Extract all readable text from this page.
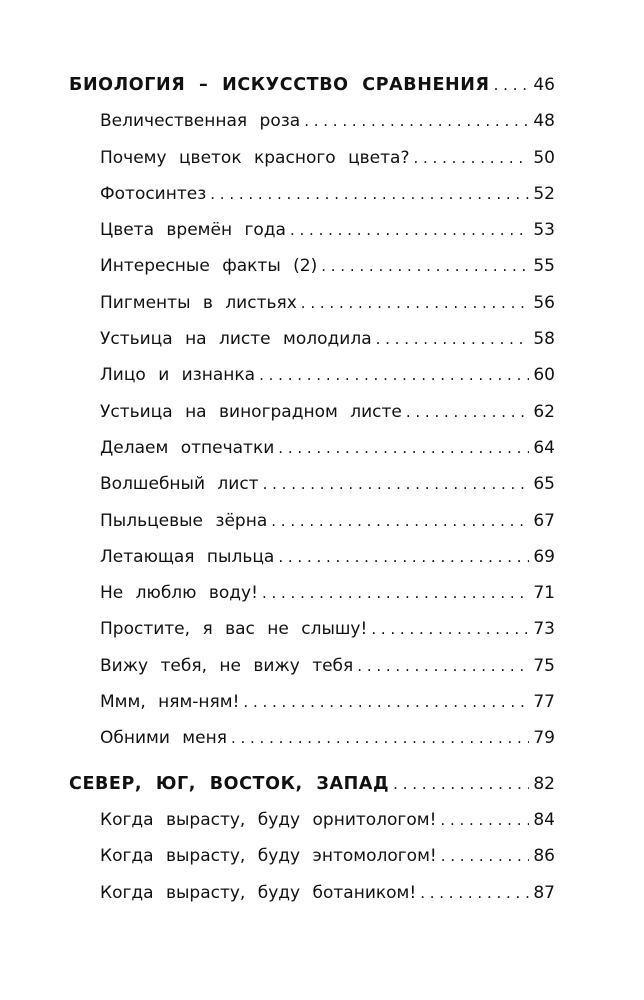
БИОЛОГИЯ – ИСКУССТВО СРАВНЕНИЯ . . .	46
Величественная роза . . .	48
Почему цветок красного цвета? . . .	50
Фотосинтез . . .	52
Цвета времён года . . .	53
Интересные факты (2) . . .	55
Пигменты в листьях . . .	56
Устьица на листе молодила . . .	58
Лицо и изнанка . . .	60
Устьица на виноградном листе . . .	62
Делаем отпечатки . . .	64
Волшебный лист . . .	65
Пыльцевые зёрна . . .	67
Летающая пыльца . . .	69
Не люблю воду! . . .	71
Простите, я вас не слышу! . . .	73
Вижу тебя, не вижу тебя . . .	75
Ммм, ням-ням! . . .	77
Обними меня . . .	79
СЕВЕР, ЮГ, ВОСТОК, ЗАПАД . . .	82
Когда вырасту, буду орнитологом! . . .	84
Когда вырасту, буду энтомологом! . . .	86
Когда вырасту, буду ботаником! . . .	87
